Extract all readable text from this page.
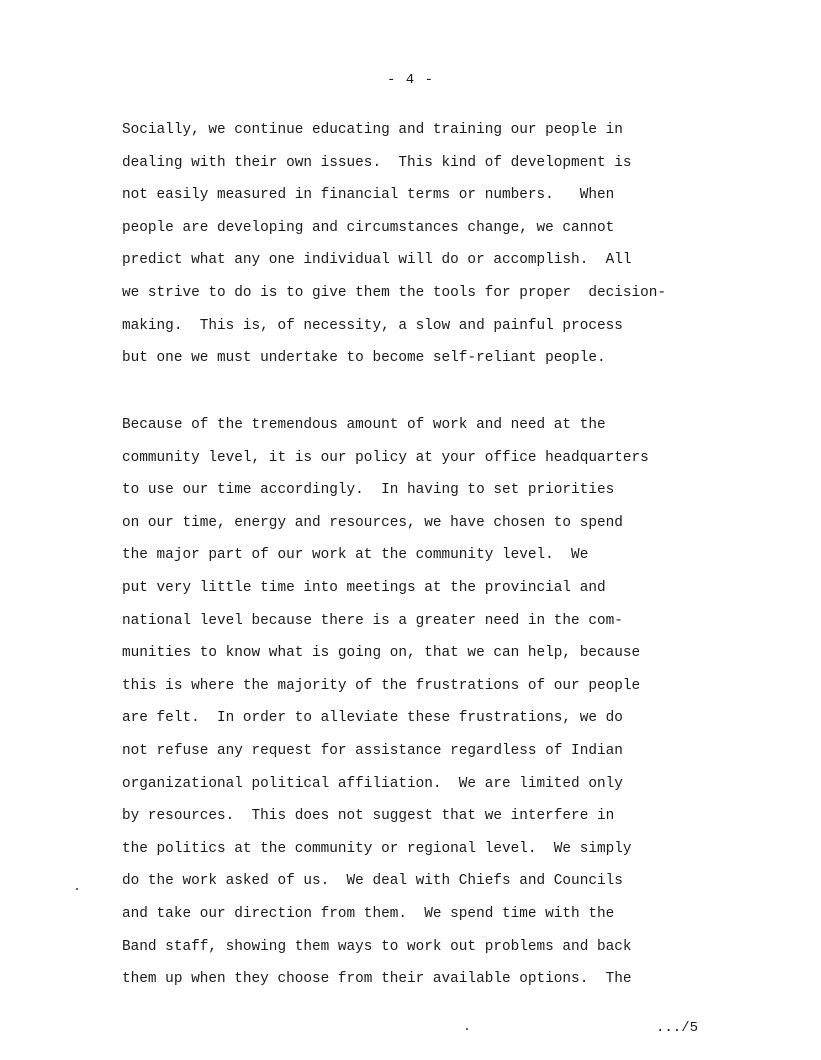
- 4 -
Socially, we continue educating and training our people in
dealing with their own issues.  This kind of development is
not easily measured in financial terms or numbers.   When
people are developing and circumstances change, we cannot
predict what any one individual will do or accomplish.  All
we strive to do is to give them the tools for proper  decision-
making.  This is, of necessity, a slow and painful process
but one we must undertake to become self-reliant people.
Because of the tremendous amount of work and need at the
community level, it is our policy at your office headquarters
to use our time accordingly.  In having to set priorities
on our time, energy and resources, we have chosen to spend
the major part of our work at the community level.  We
put very little time into meetings at the provincial and
national level because there is a greater need in the com-
munities to know what is going on, that we can help, because
this is where the majority of the frustrations of our people
are felt.  In order to alleviate these frustrations, we do
not refuse any request for assistance regardless of Indian
organizational political affiliation.  We are limited only
by resources.  This does not suggest that we interfere in
the politics at the community or regional level.  We simply
do the work asked of us.  We deal with Chiefs and Councils
and take our direction from them.  We spend time with the
Band staff, showing them ways to work out problems and back
them up when they choose from their available options.  The
.../5
